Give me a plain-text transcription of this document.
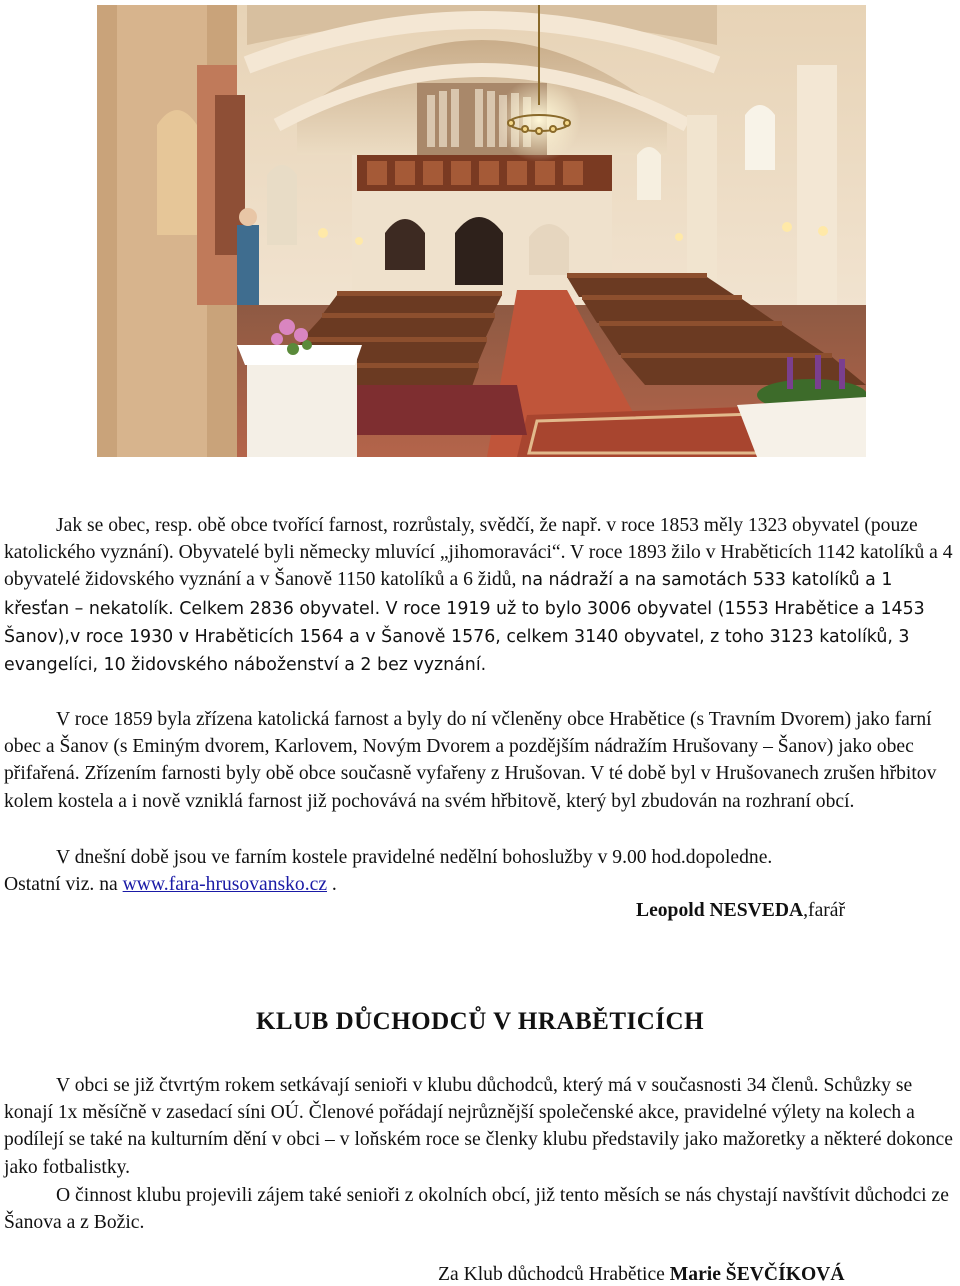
Jak se obec, resp. obě obce tvořící farnost, rozrůstaly, svědčí, že např. v roce 1853 měly 1323 obyvatel (pouze katolického vyznání). Obyvatelé byli německy mluvící „jihomoraváci“. V roce 1893 žilo v Hraběticích 1142 katolíků a 4 obyvatelé židovského vyznání a v Šanově 1150 katolíků a 6 židů, na nádraží a na samotách 533 katolíků a 1 křesťan – nekatolík. Celkem 2836 obyvatel. V roce 1919 už to bylo 3006 obyvatel (1553 Hrabětice a 1453 Šanov),v roce 1930 v Hraběticích 1564 a v Šanově 1576, celkem 3140 obyvatel, z toho 3123 katolíků, 3 evangelíci, 10 židovského náboženství a 2 bez vyznání.

V roce 1859 byla zřízena katolická farnost a byly do ní včleněny obce Hrabětice (s Travním Dvorem) jako farní obec a Šanov (s Eminým dvorem, Karlovem, Novým Dvorem a pozdějším nádražím Hrušovany – Šanov) jako obec přifařená. Zřízením farnosti byly obě obce současně vyfařeny z Hrušovan. V té době byl v Hrušovanech zrušen hřbitov kolem kostela a i nově vzniklá farnost již pochovává na svém hřbitově, který byl zbudován na rozhraní obcí.

V dnešní době jsou ve farním kostele pravidelné nedělní bohoslužby v 9.00 hod.dopoledne.
Ostatní viz. na www.fara-hrusovansko.cz .

Leopold NESVEDA,farář

KLUB DŮCHODCŮ V HRABĚTICÍCH

V obci se již čtvrtým rokem setkávají senioři v klubu důchodců, který má v současnosti 34 členů. Schůzky se konají 1x měsíčně v zasedací síni OÚ. Členové pořádají nejrůznější společenské akce, pravidelné výlety na kolech a podílejí se také na kulturním dění v obci – v loňském roce se členky klubu představily jako mažoretky a některé dokonce jako fotbalistky.

O činnost klubu projevili zájem také senioři z okolních obcí, již tento měsích se nás chystají navštívit důchodci ze Šanova a z Božic.

Za Klub důchodců Hrabětice Marie ŠEVČÍKOVÁ
